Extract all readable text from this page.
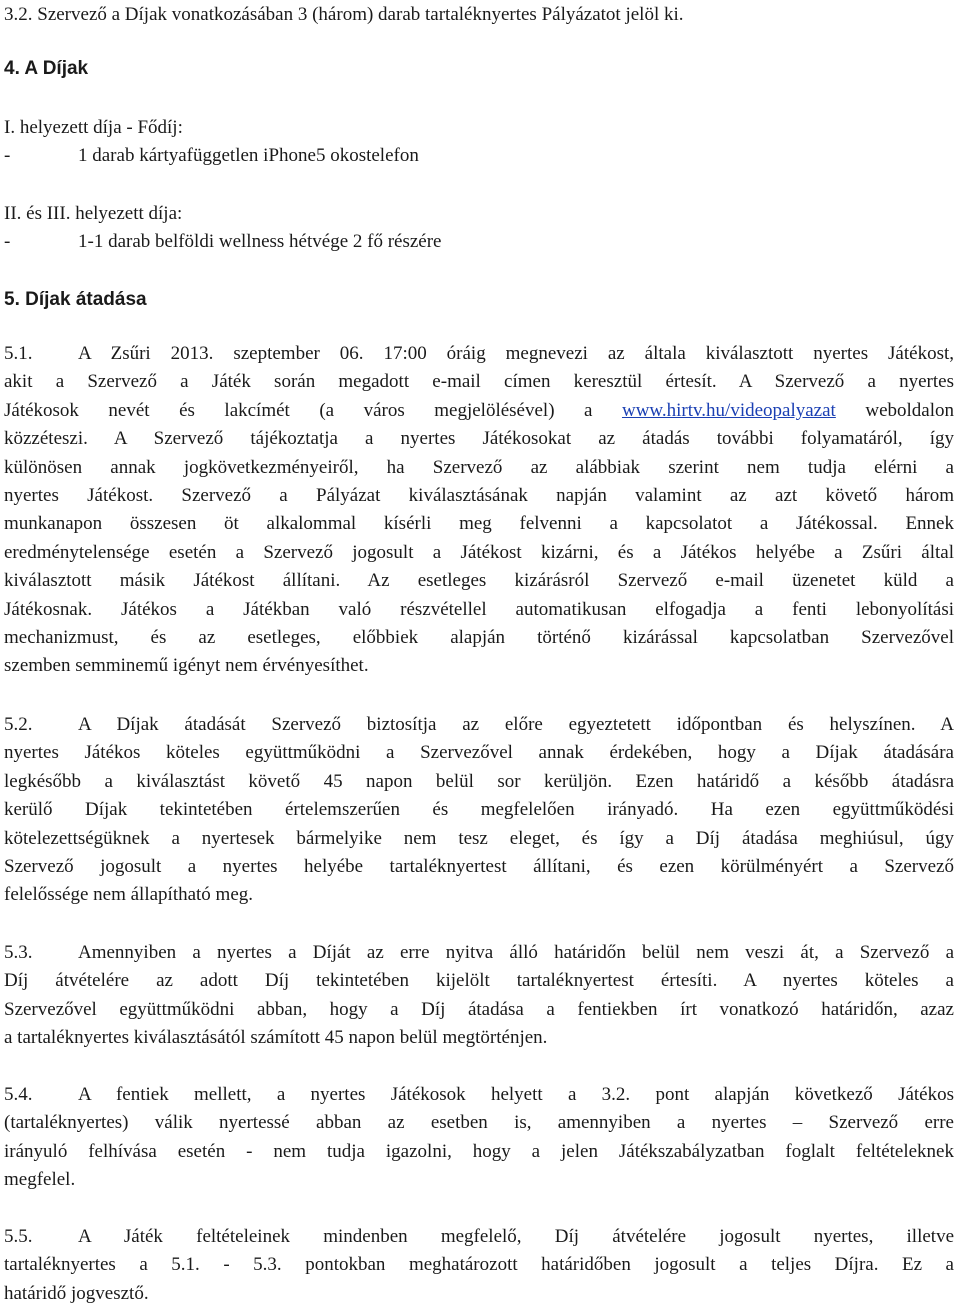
3.2. Szervező a Díjak vonatkozásában 3 (három) darab tartaléknyertes Pályázatot jelöl ki.
4. A Díjak
I. helyezett díja - Fődíj:
-	1 darab kártyafüggetlen iPhone5 okostelefon
II. és III. helyezett díja:
-	1-1 darab belföldi wellness hétvége 2 fő részére
5. Díjak átadása
5.1. A Zsűri 2013. szeptember 06. 17:00 óráig megnevezi az általa kiválasztott nyertes Játékost,
akit a Szervező a Játék során megadott e-mail címen keresztül értesít. A Szervező a nyertes
Játékosok nevét és lakcímét (a város megjelölésével) a www.hirtv.hu/videopalyazat weboldalon
közzéteszi. A Szervező tájékoztatja a nyertes Játékosokat az átadás további folyamatáról, így
különösen annak jogkövetkezményeiről, ha Szervező az alábbiak szerint nem tudja elérni a
nyertes Játékost. Szervező a Pályázat kiválasztásának napján valamint az azt követő három
munkanapon összesen öt alkalommal kísérli meg felvenni a kapcsolatot a Játékossal. Ennek
eredménytelensége esetén a Szervező jogosult a Játékost kizárni, és a Játékos helyébe a Zsűri által
kiválasztott másik Játékost állítani. Az esetleges kizárásról Szervező e-mail üzenetet küld a
Játékosnak. Játékos a Játékban való részvétellel automatikusan elfogadja a fenti lebonyolítási
mechanizmust, és az esetleges, előbbiek alapján történő kizárással kapcsolatban Szervezővel
szemben semminemű igényt nem érvényesíthet.
5.2. A Díjak átadását Szervező biztosítja az előre egyeztetett időpontban és helyszínen. A
nyertes Játékos köteles együttműködni a Szervezővel annak érdekében, hogy a Díjak átadására
legkésőbb a kiválasztást követő 45 napon belül sor kerüljön. Ezen határidő a később átadásra
kerülő Díjak tekintetében értelemszerűen és megfelelően irányadó. Ha ezen együttműködési
kötelezettségüknek a nyertesek bármelyike nem tesz eleget, és így a Díj átadása meghiúsul, úgy
Szervező jogosult a nyertes helyébe tartaléknyertest állítani, és ezen körülményért a Szervező
felelőssége nem állapítható meg.
5.3. Amennyiben a nyertes a Díját az erre nyitva álló határidőn belül nem veszi át, a Szervező a
Díj átvételére az adott Díj tekintetében kijelölt tartaléknyertest értesíti. A nyertes köteles a
Szervezővel együttműködni abban, hogy a Díj átadása a fentiekben írt vonatkozó határidőn, azaz
a tartaléknyertes kiválasztásától számított 45 napon belül megtörténjen.
5.4. A fentiek mellett, a nyertes Játékosok helyett a 3.2. pont alapján következő Játékos
(tartaléknyertes) válik nyertessé abban az esetben is, amennyiben a nyertes – Szervező erre
irányuló felhívása esetén - nem tudja igazolni, hogy a jelen Játékszabályzatban foglalt feltételeknek
megfelel.
5.5. A Játék feltételeinek mindenben megfelelő, Díj átvételére jogosult nyertes, illetve
tartaléknyertes a 5.1. - 5.3. pontokban meghatározott határidőben jogosult a teljes Díjra. Ez a
határidő jogvesztő.
